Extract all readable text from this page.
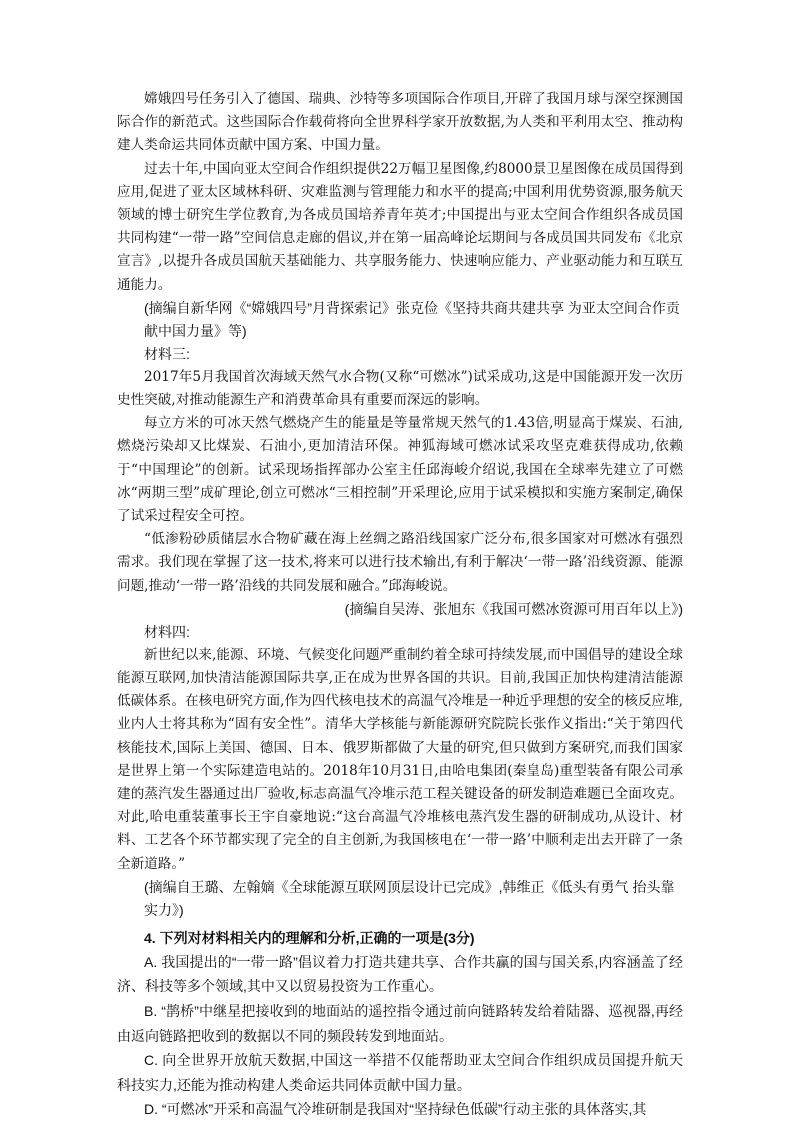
嫦娥四号任务引入了德国、瑞典、沙特等多项国际合作项目,开辟了我国月球与深空探测国际合作的新范式。这些国际合作载荷将向全世界科学家开放数据,为人类和平利用太空、推动构建人类命运共同体贡献中国方案、中国力量。

过去十年,中国向亚太空间合作组织提供22万幅卫星图像,约8000景卫星图像在成员国得到应用,促进了亚太区域林科研、灾难监测与管理能力和水平的提高;中国利用优势资源,服务航天领域的博士研究生学位教育,为各成员国培养青年英才;中国提出与亚太空间合作组织各成员国共同构建“一带一路”空间信息走廊的倡议,并在第一届高峰论坛期间与各成员国共同发布《北京宣言》,以提升各成员国航天基础能力、共享服务能力、快速响应能力、产业驱动能力和互联互通能力。

(摘编自新华网《“嫦娥四号”月背探索记》张克俭《坚持共商共建共享 为亚太空间合作贡献中国力量》等)

材料三:

2017年5月我国首次海域天然气水合物(又称“可燃冰”)试采成功,这是中国能源开发一次历史性突破,对推动能源生产和消费革命具有重要而深远的影响。

每立方米的可冰天然气燃烧产生的能量是等量常规天然气的1.43倍,明显高于煤炭、石油,燃烧污染却又比煤炭、石油小,更加清洁环保。神狐海域可燃冰试采攻坚克难获得成功,依赖于“中国理论”的创新。试采现场指挥部办公室主任邱海峻介绍说,我国在全球率先建立了可燃冰“两期三型”成矿理论,创立可燃冰“三相控制”开采理论,应用于试采模拟和实施方案制定,确保了试采过程安全可控。

“低渗粉砂质储层水合物矿藏在海上丝绸之路沿线国家广泛分布,很多国家对可燃冰有强烈需求。我们现在掌握了这一技术,将来可以进行技术输出,有利于解决‘一带一路’沿线资源、能源问题,推动‘一带一路’沿线的共同发展和融合。”邱海峻说。

(摘编自吴涛、张旭东《我国可燃冰资源可用百年以上》)

材料四:

新世纪以来,能源、环境、气候变化问题严重制约着全球可持续发展,而中国倡导的建设全球能源互联网,加快清洁能源国际共享,正在成为世界各国的共识。目前,我国正加快构建清洁能源低碳体系。在核电研究方面,作为四代核电技术的高温气冷堆是一种近乎理想的安全的核反应堆,业内人士将其称为“固有安全性”。清华大学核能与新能源研究院院长张作义指出:“关于第四代核能技术,国际上美国、德国、日本、俄罗斯都做了大量的研究,但只做到方案研究,而我们国家是世界上第一个实际建造电站的。2018年10月31日,由哈电集团(秦皇岛)重型装备有限公司承建的蒸汽发生器通过出厂验收,标志高温气冷堆示范工程关键设备的研发制造难题已全面攻克。对此,哈电重装董事长王宇自豪地说:“这台高温气冷堆核电蒸汽发生器的研制成功,从设计、材料、工艺各个环节都实现了完全的自主创新,为我国核电在‘一带一路’中顺利走出去开辟了一条全新道路。”

(摘编自王璐、左翰嫡《全球能源互联网顶层设计已完成》,韩维正《低头有勇气 抬头靠实力》)

4. 下列对材料相关内的理解和分析,正确的一项是(3分)

A. 我国提出的“一带一路”倡议着力打造共建共享、合作共赢的国与国关系,内容涵盖了经济、科技等多个领域,其中又以贸易投资为工作重心。

B. “鹊桥”中继星把接收到的地面站的遥控指令通过前向链路转发给着陆器、巡视器,再经由返向链路把收到的数据以不同的频段转发到地面站。

C. 向全世界开放航天数据,中国这一举措不仅能帮助亚太空间合作组织成员国提升航天科技实力,还能为推动构建人类命运共同体贡献中国力量。

D. “可燃冰”开采和高温气冷堆研制是我国对“坚持绿色低碳”行动主张的具体落实,其
